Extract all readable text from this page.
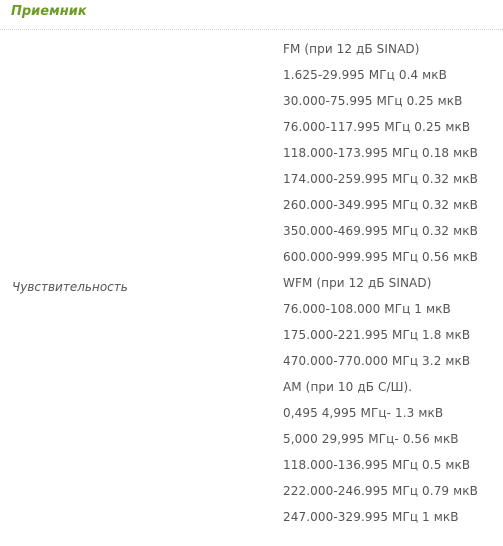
Приемник
Чувствительность
FM (при 12 дБ SINAD)
1.625-29.995 МГц 0.4 мкВ
30.000-75.995 МГц 0.25 мкВ
76.000-117.995 МГц 0.25 мкВ
118.000-173.995 МГц 0.18 мкВ
174.000-259.995 МГц 0.32 мкВ
260.000-349.995 МГц 0.32 мкВ
350.000-469.995 МГц 0.32 мкВ
600.000-999.995 МГц 0.56 мкВ
WFM (при 12 дБ SINAD)
76.000-108.000 МГц 1 мкВ
175.000-221.995 МГц 1.8 мкВ
470.000-770.000 МГц 3.2 мкВ
AM (при 10 дБ С/Ш).
0,495 4,995 МГц- 1.3 мкВ
5,000 29,995 МГц- 0.56 мкВ
118.000-136.995 МГц 0.5 мкВ
222.000-246.995 МГц 0.79 мкВ
247.000-329.995 МГц 1 мкВ
